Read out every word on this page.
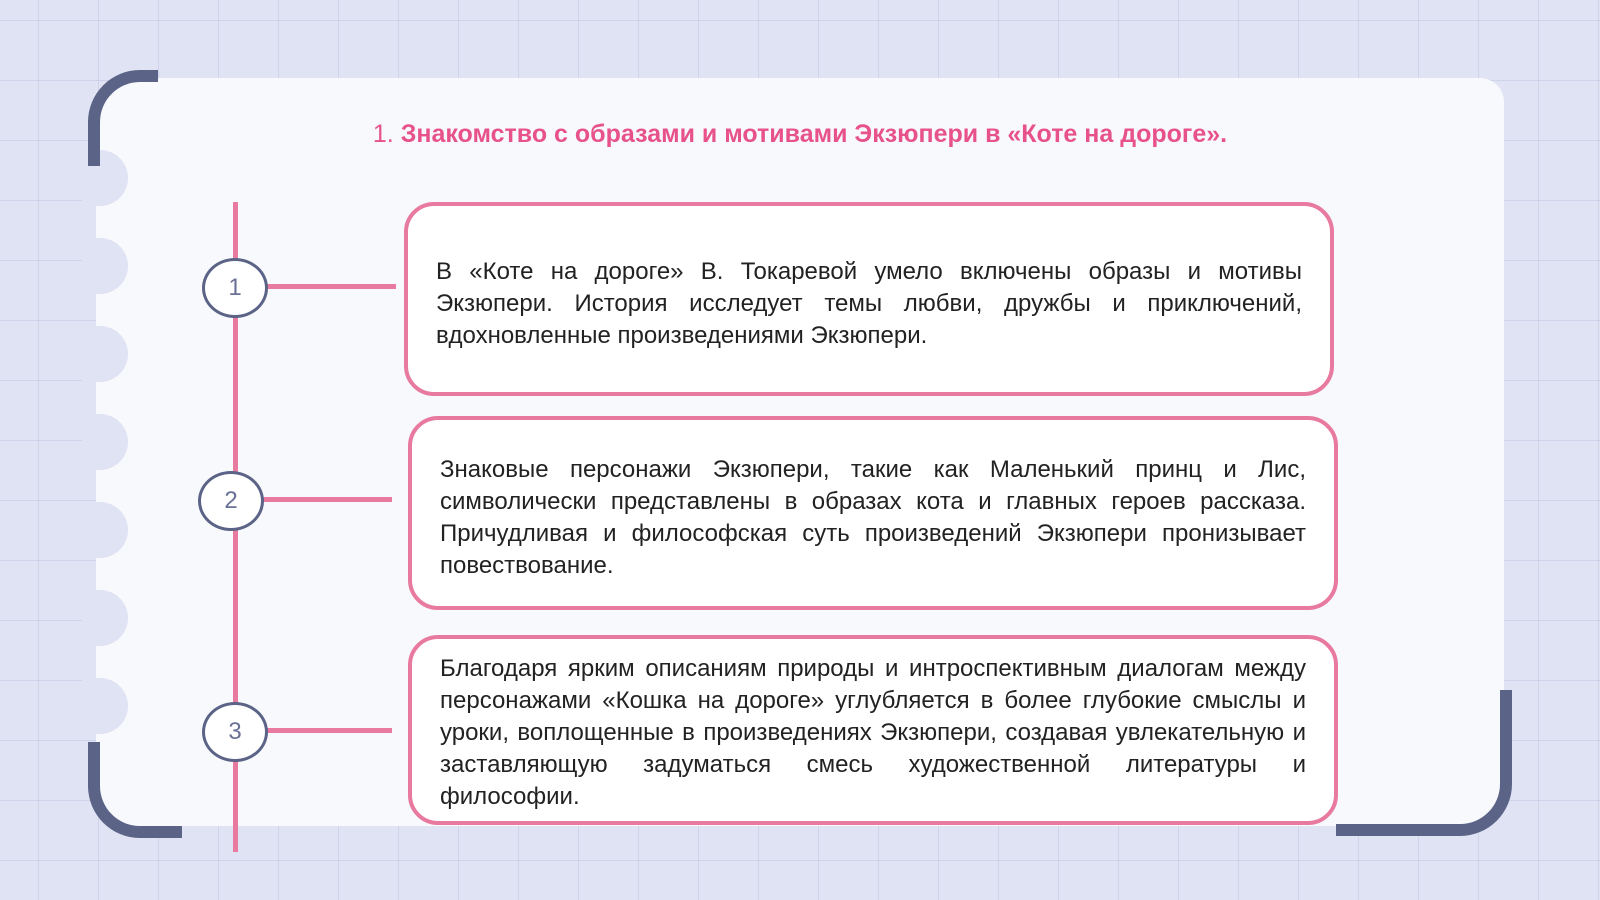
1. Знакомство с образами и мотивами Экзюпери в «Коте на дороге».
1
В «Коте на дороге» В. Токаревой умело включены образы и мотивы Экзюпери. История исследует темы любви, дружбы и приключений, вдохновленные произведениями Экзюпери.
2
Знаковые персонажи Экзюпери, такие как Маленький принц и Лис, символически представлены в образах кота и главных героев рассказа. Причудливая и философская суть произведений Экзюпери пронизывает повествование.
3
Благодаря ярким описаниям природы и интроспективным диалогам между персонажами «Кошка на дороге» углубляется в более глубокие смыслы и уроки, воплощенные в произведениях Экзюпери, создавая увлекательную и заставляющую задуматься смесь художественной литературы и философии.
